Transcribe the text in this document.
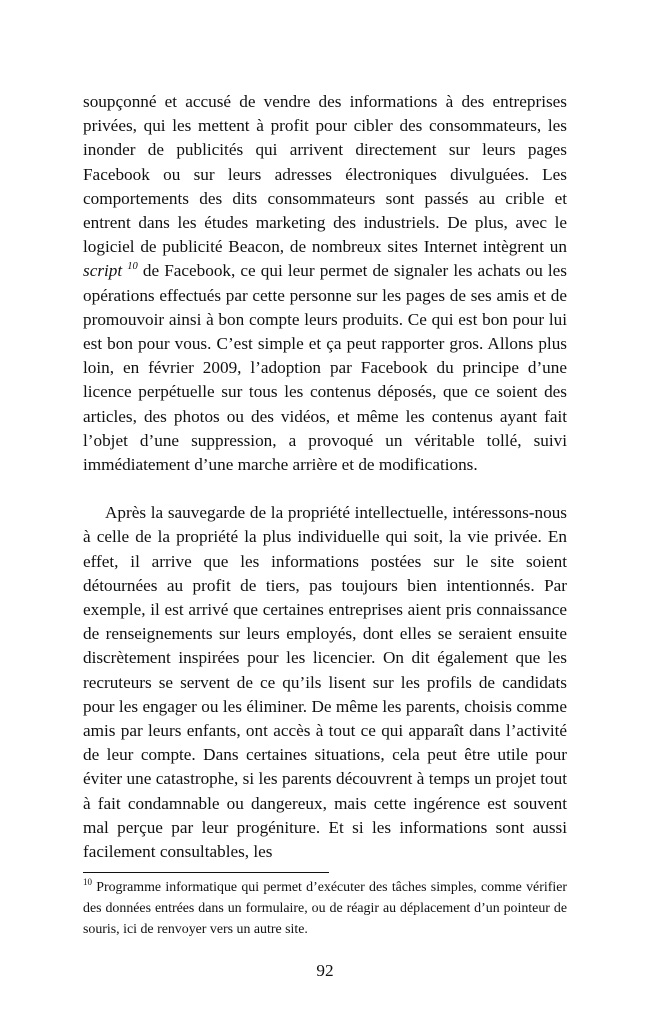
soupçonné et accusé de vendre des informations à des entreprises privées, qui les mettent à profit pour cibler des consommateurs, les inonder de publicités qui arrivent directement sur leurs pages Facebook ou sur leurs adresses électroniques divulguées. Les comportements des dits consommateurs sont passés au crible et entrent dans les études marketing des industriels. De plus, avec le logiciel de publicité Beacon, de nombreux sites Internet intègrent un script $^{10}$ de Facebook, ce qui leur permet de signaler les achats ou les opérations effectués par cette personne sur les pages de ses amis et de promouvoir ainsi à bon compte leurs produits. Ce qui est bon pour lui est bon pour vous. C’est simple et ça peut rapporter gros. Allons plus loin, en février 2009, l’adoption par Facebook du principe d’une licence perpétuelle sur tous les contenus déposés, que ce soient des articles, des photos ou des vidéos, et même les contenus ayant fait l’objet d’une suppression, a provoqué un véritable tollé, suivi immédiatement d’une marche arrière et de modifications.

Après la sauvegarde de la propriété intellectuelle, intéressons-nous à celle de la propriété la plus individuelle qui soit, la vie privée. En effet, il arrive que les informations postées sur le site soient détournées au profit de tiers, pas toujours bien intentionnés. Par exemple, il est arrivé que certaines entreprises aient pris connaissance de renseignements sur leurs employés, dont elles se seraient ensuite discrètement inspirées pour les licencier. On dit également que les recruteurs se servent de ce qu’ils lisent sur les profils de candidats pour les engager ou les éliminer. De même les parents, choisis comme amis par leurs enfants, ont accès à tout ce qui apparaît dans l’activité de leur compte. Dans certaines situations, cela peut être utile pour éviter une catastrophe, si les parents découvrent à temps un projet tout à fait condamnable ou dangereux, mais cette ingérence est souvent mal perçue par leur progéniture. Et si les informations sont aussi facilement consultables, les

$^{10}$ Programme informatique qui permet d’exécuter des tâches simples, comme vérifier des données entrées dans un formulaire, ou de réagir au déplacement d’un pointeur de souris, ici de renvoyer vers un autre site.
92
